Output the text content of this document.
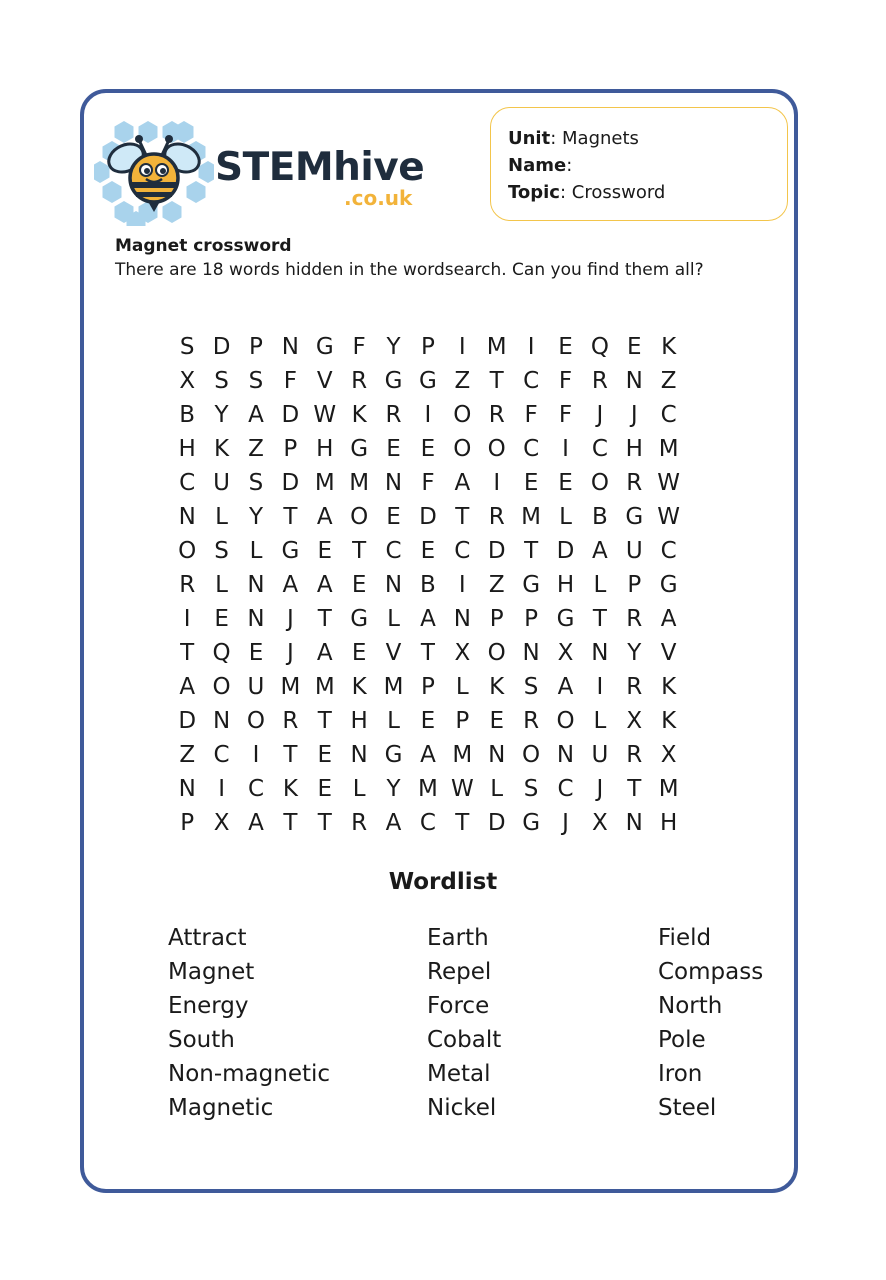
STEMhive
.co.uk
Unit: Magnets
Name:
Topic: Crossword
Magnet crossword
There are 18 words hidden in the wordsearch. Can you find them all?
S D P N G F Y P	I M I	E Q E K
X S S F V R G G Z T C F R N Z
B Y A D W K R	I O R F F	J	J C
H K Z P H G E E O O C I C H M
C U S D M M N F A	I	E E O R W
N L Y T A O E D T R M L B G W
O S L G E T C E C D T D A U C
R L N A A E N B	I	Z G H L P G
I	E N J	T G L A N P P G T R A
T Q E	J	A E V T X O N X N Y V
A O U M M K M P L K S A	I	R K
D N O R T H L E P E R O L X K
Z C I	T E N G A M N O N U R X
N I C K E L Y M W L S C J	T M
P X A T T R A C T D G J	X N H
Wordlist
Attract
Magnet
Energy
South
Non-magnetic
Magnetic
Earth
Repel
Force
Cobalt
Metal
Nickel
Field
Compass
North
Pole
Iron
Steel
